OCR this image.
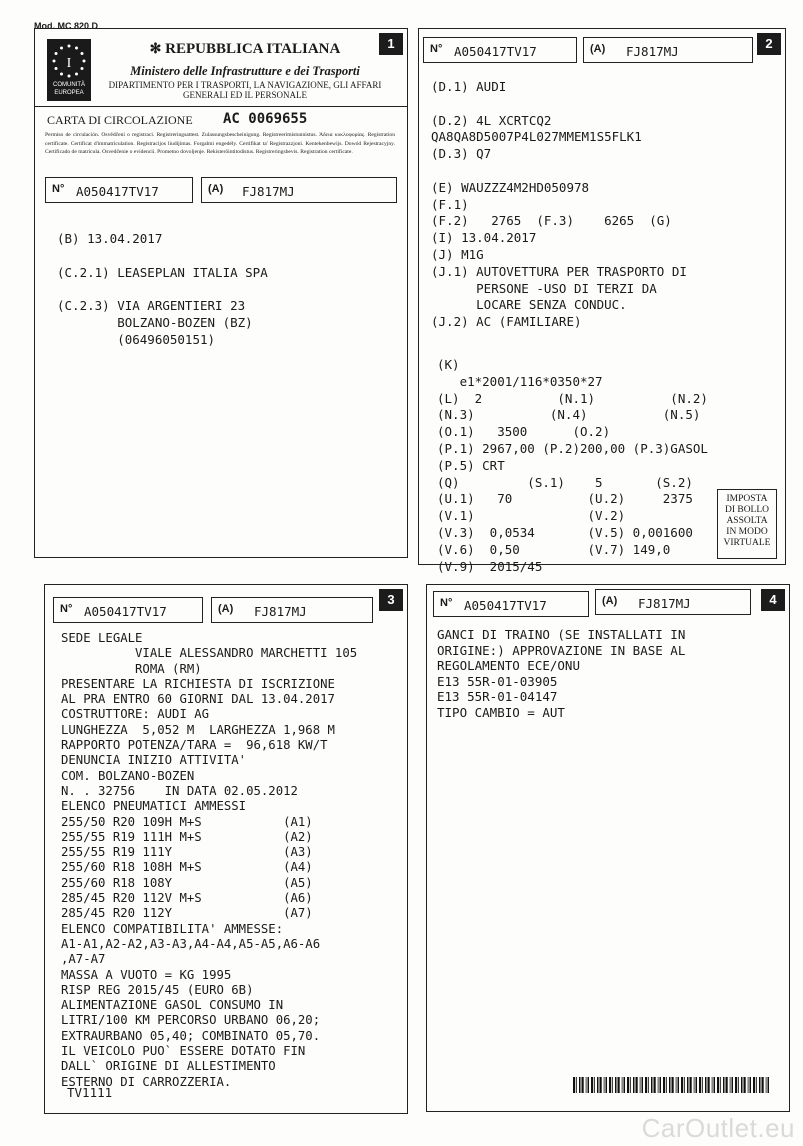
Mod. MC 820 D
1
I
COMUNITÀ EUROPEA
✻ REPUBBLICA ITALIANA
Ministero delle Infrastrutture e dei Trasporti
DIPARTIMENTO PER I TRASPORTI, LA NAVIGAZIONE, GLI AFFARI GENERALI ED IL PERSONALE
CARTA DI CIRCOLAZIONE AC 0069655
Permiso de circulación. Osvědčení o registraci. Registreringsattest. Zulassungsbescheinigung. Registreerimistunnistus. Άδεια κυκλοφορίας. Registration certificate. Certificat d'immatriculation. Registracijos liudijimas. Forgalmi engedély. Certifikat ta' Registrazzjoni. Kentekenbewijs. Dowód Rejestracyjny. Certificado de matrícula. Osvedčenie o evidencii. Prometno dovoljenje. Rekisteröintitodistus. Registreringsbevis. Registration certificate.
N° A050417TV17	(A) FJ817MJ
(B) 13.04.2017

(C.2.1) LEASEPLAN ITALIA SPA

(C.2.3) VIA ARGENTIERI 23
BOLZANO-BOZEN (BZ)
(06496050151)
2
N° A050417TV17	(A) FJ817MJ
(D.1) AUDI

(D.2) 4L XCRTCQ2
QA8QA8D5007P4L027MMEM1S5FLK1
(D.3) Q7

(E) WAUZZZ4M2HD050978
(F.1)
(F.2)   2765  (F.3)    6265  (G)
(I) 13.04.2017
(J) M1G
(J.1) AUTOVETTURA PER TRASPORTO DI
PERSONE -USO DI TERZI DA
LOCARE SENZA CONDUC.
(J.2) AC (FAMILIARE)
(K)
e1*2001/116*0350*27
(L)  2          (N.1)          (N.2)
(N.3)          (N.4)          (N.5)
(O.1)   3500      (O.2)
(P.1) 2967,00 (P.2)200,00 (P.3)GASOL
(P.5) CRT
(Q)         (S.1)    5       (S.2)
(U.1)   70          (U.2)     2375
(V.1)               (V.2)
(V.3)  0,0534       (V.5) 0,001600
(V.6)  0,50         (V.7) 149,0
(V.9)  2015/45
IMPOSTA
DI BOLLO
ASSOLTA
IN MODO
VIRTUALE
3
N° A050417TV17	(A) FJ817MJ
SEDE LEGALE
VIALE ALESSANDRO MARCHETTI 105
ROMA (RM)
PRESENTARE LA RICHIESTA DI ISCRIZIONE
AL PRA ENTRO 60 GIORNI DAL 13.04.2017
COSTRUTTORE: AUDI AG
LUNGHEZZA  5,052 M  LARGHEZZA 1,968 M
RAPPORTO POTENZA/TARA =  96,618 KW/T
DENUNCIA INIZIO ATTIVITA'
COM. BOLZANO-BOZEN
N. . 32756    IN DATA 02.05.2012
ELENCO PNEUMATICI AMMESSI
255/50 R20 109H M+S           (A1)
255/55 R19 111H M+S           (A2)
255/55 R19 111Y               (A3)
255/60 R18 108H M+S           (A4)
255/60 R18 108Y               (A5)
285/45 R20 112V M+S           (A6)
285/45 R20 112Y               (A7)
ELENCO COMPATIBILITA' AMMESSE:
A1-A1,A2-A2,A3-A3,A4-A4,A5-A5,A6-A6
,A7-A7
MASSA A VUOTO = KG 1995
RISP REG 2015/45 (EURO 6B)
ALIMENTAZIONE GASOL CONSUMO IN
LITRI/100 KM PERCORSO URBANO 06,20;
EXTRAURBANO 05,40; COMBINATO 05,70.
IL VEICOLO PUO` ESSERE DOTATO FIN
DALL` ORIGINE DI ALLESTIMENTO
ESTERNO DI CARROZZERIA.
TV1111
4
N° A050417TV17	(A) FJ817MJ
GANCI DI TRAINO (SE INSTALLATI IN
ORIGINE:) APPROVAZIONE IN BASE AL
REGOLAMENTO ECE/ONU
E13 55R-01-03905
E13 55R-01-04147
TIPO CAMBIO = AUT
CarOutlet.eu
